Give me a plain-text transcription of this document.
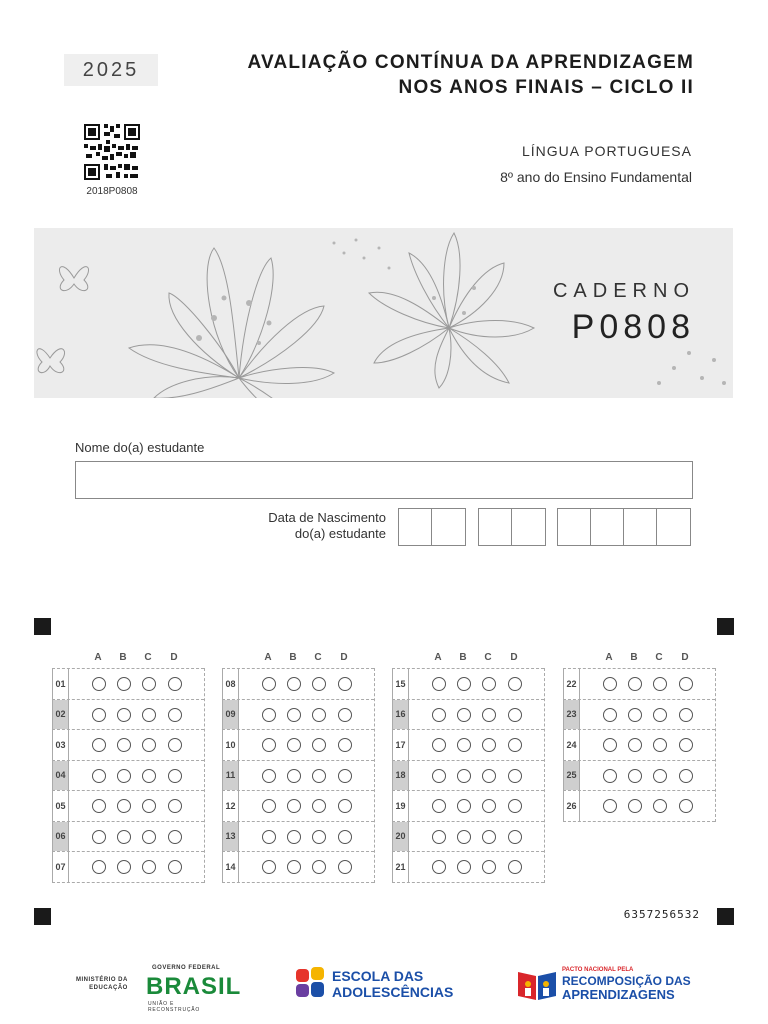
2025	AVALIAÇÃO CONTÍNUA DA APRENDIZAGEM
NOS ANOS FINAIS – CICLO II
2018P0808
LÍNGUA PORTUGUESA
8º ano do Ensino Fundamental
CADERNO
P0808
Nome do(a) estudante
Data de Nascimento
do(a) estudante
A	B	C	D
01
02
03
04
05
06
07
A	B	C	D
08
09
10
11
12
13
14
A	B	C	D
15
16
17
18
19
20
21
A	B	C	D
22
23
24
25
26
6357256532
MINISTÉRIO DA
EDUCAÇÃO
GOVERNO FEDERAL
BRASIL
UNIÃO E RECONSTRUÇÃO
ESCOLA DAS
ADOLESCÊNCIAS
PACTO NACIONAL PELA
RECOMPOSIÇÃO DAS
APRENDIZAGENS
